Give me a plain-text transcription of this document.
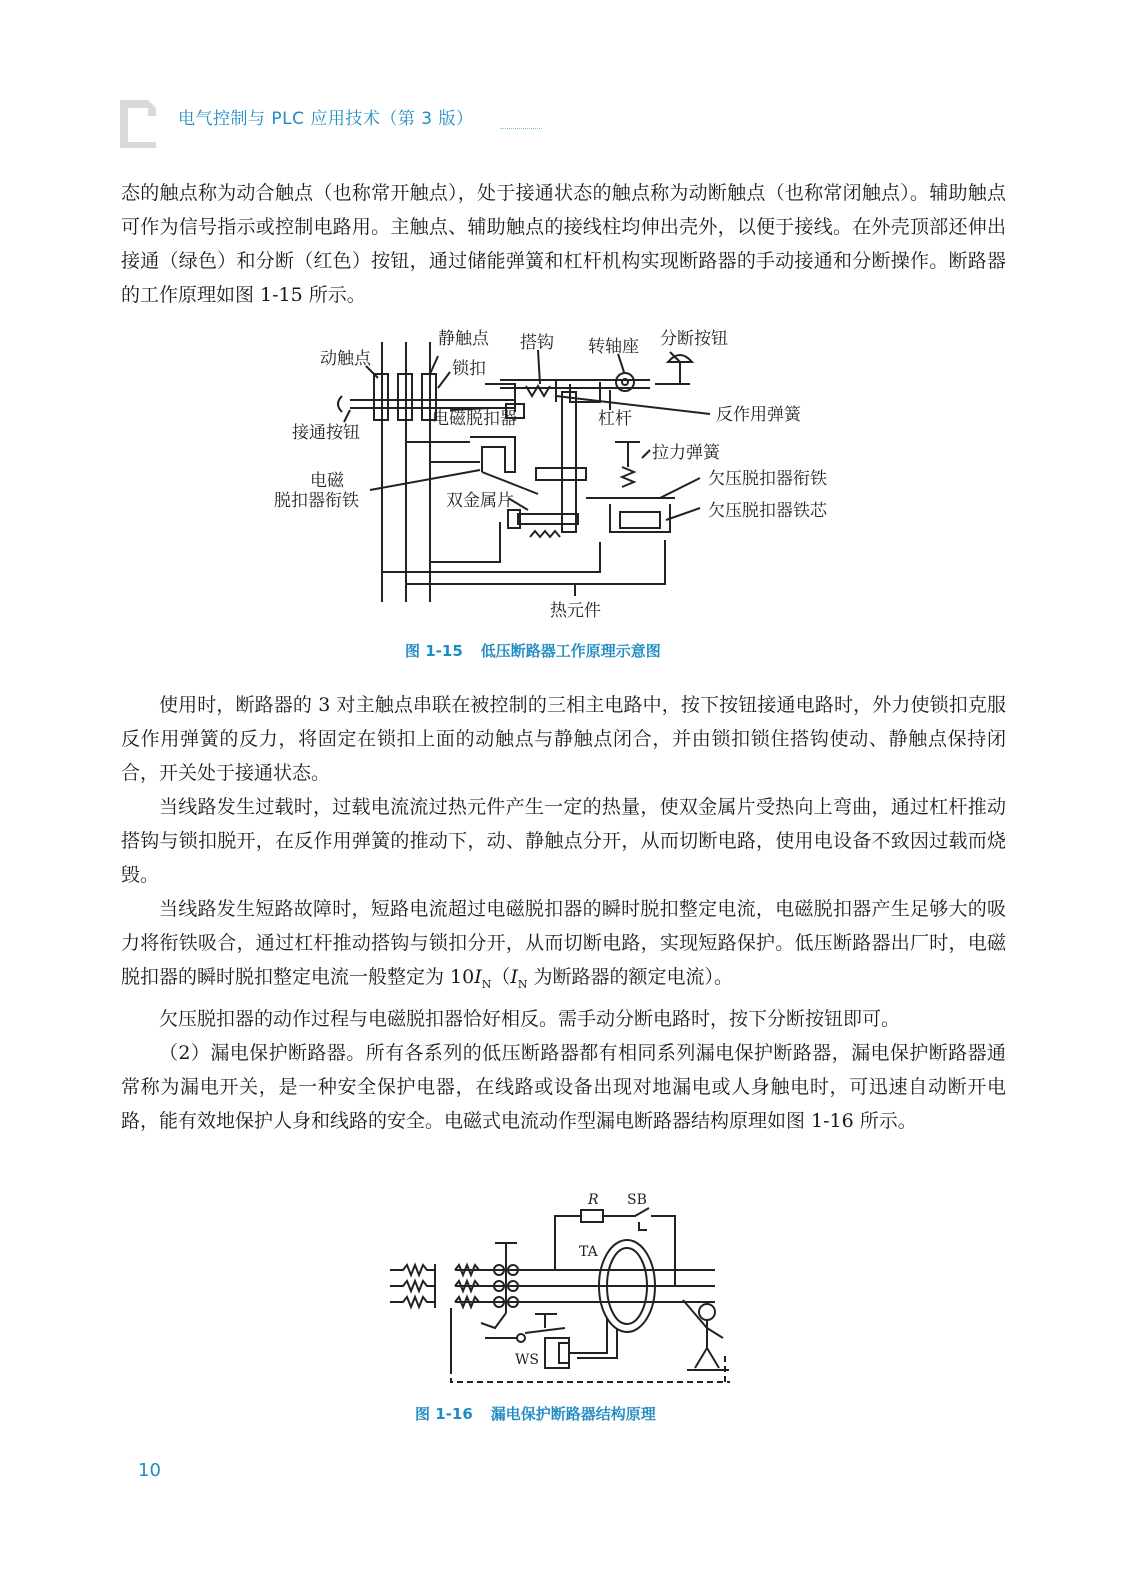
电气控制与 PLC 应用技术（第 3 版）

态的触点称为动合触点（也称常开触点），处于接通状态的触点称为动断触点（也称常闭触点）。辅助触点可作为信号指示或控制电路用。主触点、辅助触点的接线柱均伸出壳外，以便于接线。在外壳顶部还伸出接通（绿色）和分断（红色）按钮，通过储能弹簧和杠杆机构实现断路器的手动接通和分断操作。断路器的工作原理如图 1-15 所示。

动触点
静触点
锁扣
搭钩 转轴座 分断按钮
接通按钮
电磁脱扣器	杠杆	反作用弹簧
拉力弹簧
电磁
脱扣器衔铁	双金属片
欠压脱扣器衔铁
欠压脱扣器铁芯
热元件
图 1-15 低压断路器工作原理示意图

使用时，断路器的 3 对主触点串联在被控制的三相主电路中，按下按钮接通电路时，外力使锁扣克服反作用弹簧的反力，将固定在锁扣上面的动触点与静触点闭合，并由锁扣锁住搭钩使动、静触点保持闭合，开关处于接通状态。

当线路发生过载时，过载电流流过热元件产生一定的热量，使双金属片受热向上弯曲，通过杠杆推动搭钩与锁扣脱开，在反作用弹簧的推动下，动、静触点分开，从而切断电路，使用电设备不致因过载而烧毁。

当线路发生短路故障时，短路电流超过电磁脱扣器的瞬时脱扣整定电流，电磁脱扣器产生足够大的吸力将衔铁吸合，通过杠杆推动搭钩与锁扣分开，从而切断电路，实现短路保护。低压断路器出厂时，电磁脱扣器的瞬时脱扣整定电流一般整定为 $10I_N(I_N$ 为断路器的额定电流）。

欠压脱扣器的动作过程与电磁脱扣器恰好相反。需手动分断电路时，按下分断按钮即可。

（2）漏电保护断路器。所有各系列的低压断路器都有相同系列漏电保护断路器，漏电保护断路器通常称为漏电开关，是一种安全保护电器，在线路或设备出现对地漏电或人身触电时，可迅速自动断开电路，能有效地保护人身和线路的安全。电磁式电流动作型漏电断路器结构原理如图 1-16 所示。

R SB
TA
WS
图 1-16 漏电保护断路器结构原理
10
